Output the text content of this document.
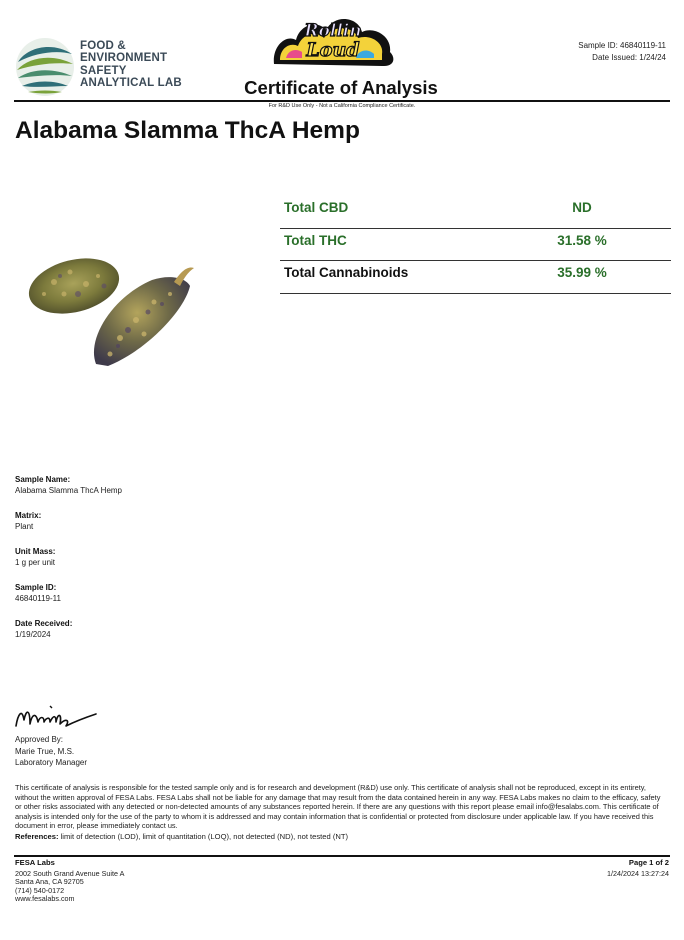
FOOD &
ENVIRONMENT
SAFETY
ANALYTICAL LAB
Rollin
Loud	Sample ID: 46840119-11
Date Issued: 1/24/24
Certificate of Analysis
For R&D Use Only - Not a California Compliance Certificate.
Alabama Slamma ThcA Hemp
Total CBD	ND
Total THC	31.58 %
Total Cannabinoids	35.99 %
Sample Name:
Alabama Slamma ThcA Hemp
Matrix:
Plant
Unit Mass:
1 g per unit
Sample ID:
46840119-11
Date Received:
1/19/2024
Approved By:
Marie True, M.S.
Laboratory Manager
This certificate of analysis is responsible for the tested sample only and is for research and development (R&D) use only. This certificate of analysis shall not be reproduced, except in its entirety, without the written approval of FESA Labs. FESA Labs shall not be liable for any damage that may result from the data contained herein in any way. FESA Labs makes no claim to the efficacy, safety or other risks associated with any detected or non-detected amounts of any substances reported herein. If there are any questions with this report please email info@fesalabs.com. This certificate of analysis is intended only for the use of the party to whom it is addressed and may contain information that is confidential or protected from disclosure under applicable law. If you have received this document in error, please immediately contact us.
References: limit of detection (LOD), limit of quantitation (LOQ), not detected (ND), not tested (NT)
FESA Labs
2002 South Grand Avenue Suite A
Santa Ana, CA 92705
(714) 540-0172
www.fesalabs.com
Page 1 of 2
1/24/2024 13:27:24
